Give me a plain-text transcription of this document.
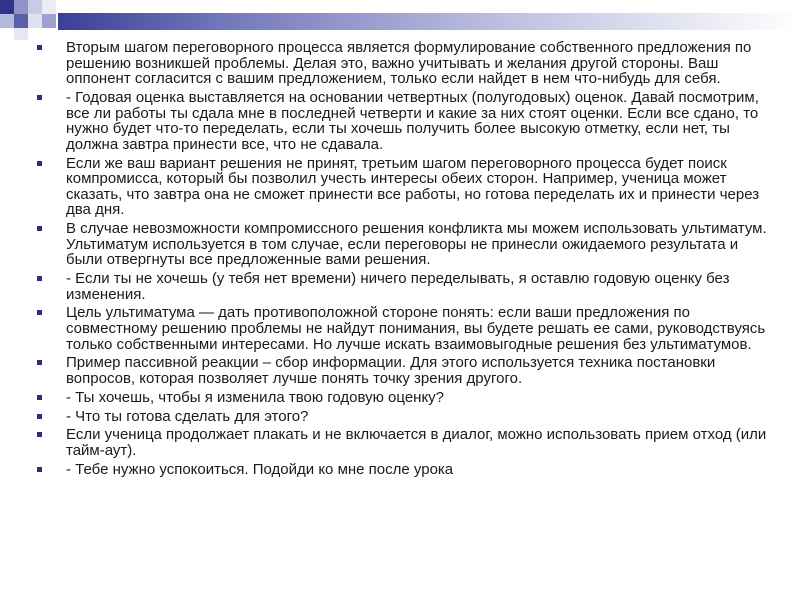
Вторым шагом переговорного процесса является формулирование собственного предложения по решению возникшей проблемы. Делая это, важно учитывать и желания другой стороны. Ваш оппонент согласится с вашим предложением, только если найдет в нем что-нибудь для себя.
- Годовая оценка выставляется на основании четвертных (полугодовых) оценок. Давай посмотрим, все ли работы ты сдала мне в последней четверти и какие за них стоят оценки. Если все сдано, то нужно будет что-то переделать, если ты хочешь получить более высокую отметку, если нет, ты должна завтра принести все, что не сдавала.
Если же ваш вариант решения не принят, третьим шагом переговорного процесса будет поиск компромисса, который бы позволил учесть интересы обеих сторон. Например, ученица может сказать, что завтра она не сможет принести все работы, но готова переделать их и принести через два дня.
В случае невозможности компромиссного решения конфликта мы можем использовать ультиматум. Ультиматум используется в том случае, если переговоры не принесли ожидаемого результата и были отвергнуты все предложенные вами решения.
- Если ты не хочешь (у тебя нет времени) ничего переделывать, я оставлю годовую оценку без изменения.
Цель ультиматума — дать противоположной стороне понять: если ваши предложения по совместному решению проблемы не найдут понимания, вы будете решать ее сами, руководствуясь только собственными интересами. Но лучше искать взаимовыгодные решения без ультиматумов.
Пример пассивной реакции – сбор информации. Для этого используется техника постановки вопросов, которая позволяет лучше понять точку зрения другого.
- Ты хочешь, чтобы я изменила твою годовую оценку?
- Что ты готова сделать для этого?
Если ученица продолжает плакать и не включается в диалог, можно использовать прием отход (или тайм-аут).
- Тебе нужно успокоиться. Подойди ко мне после урока
